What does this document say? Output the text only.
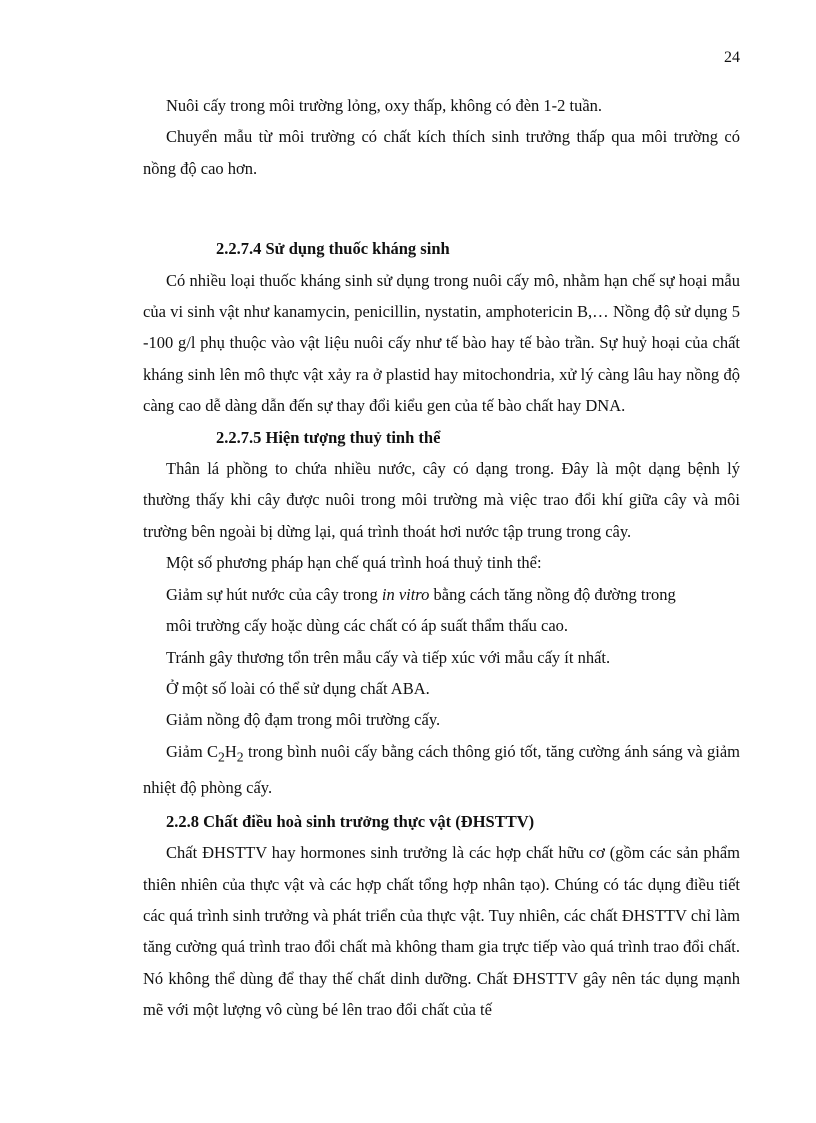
24

Nuôi cấy trong môi trường lỏng, oxy thấp, không có đèn 1-2 tuần.

Chuyển mẫu từ môi trường có chất kích thích sinh trưởng thấp qua môi trường có nồng độ cao hơn.

2.2.7.4 Sử dụng thuốc kháng sinh

Có nhiều loại thuốc kháng sinh sử dụng trong nuôi cấy mô, nhằm hạn chế sự hoại mẫu của vi sinh vật như kanamycin, penicillin, nystatin, amphotericin B,… Nồng độ sử dụng 5 -100 g/l phụ thuộc vào vật liệu nuôi cấy như tế bào hay tế bào trần. Sự huỷ hoại của chất kháng sinh lên mô thực vật xảy ra ở plastid hay mitochondria, xử lý càng lâu hay nồng độ càng cao dễ dàng dẫn đến sự thay đổi kiểu gen của tế bào chất hay DNA.

2.2.7.5 Hiện tượng thuỷ tinh thể

Thân lá phồng to chứa nhiều nước, cây có dạng trong. Đây là một dạng bệnh lý thường thấy khi cây được nuôi trong môi trường mà việc trao đổi khí giữa cây và môi trường bên ngoài bị dừng lại, quá trình thoát hơi nước tập trung trong cây.

Một số phương pháp hạn chế quá trình hoá thuỷ tinh thể:

Giảm sự hút nước của cây trong in vitro bằng cách tăng nồng độ đường trong

môi trường cấy hoặc dùng các chất có áp suất thẩm thấu cao.

Tránh gây thương tổn trên mẫu cấy và tiếp xúc với mẫu cấy ít nhất.

Ở một số loài có thể sử dụng chất ABA.

Giảm nồng độ đạm trong môi trường cấy.

Giảm $C_2H_2$ trong bình nuôi cấy bằng cách thông gió tốt, tăng cường ánh sáng và giảm nhiệt độ phòng cấy.

2.2.8 Chất điều hoà sinh trưởng thực vật (ĐHSTTV)

Chất ĐHSTTV hay hormones sinh trưởng là các hợp chất hữu cơ (gồm các sản phẩm thiên nhiên của thực vật và các hợp chất tổng hợp nhân tạo). Chúng có tác dụng điều tiết các quá trình sinh trưởng và phát triển của thực vật. Tuy nhiên, các chất ĐHSTTV chỉ làm tăng cường quá trình trao đổi chất mà không tham gia trực tiếp vào quá trình trao đổi chất. Nó không thể dùng để thay thế chất dinh dưỡng. Chất ĐHSTTV gây nên tác dụng mạnh mẽ với một lượng vô cùng bé lên trao đổi chất của tế
